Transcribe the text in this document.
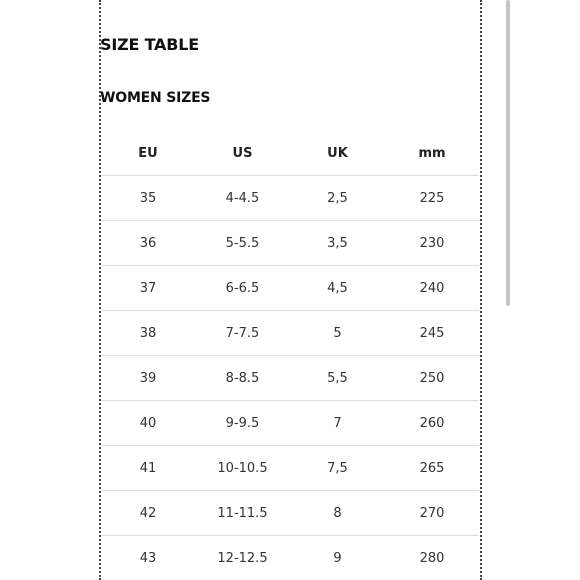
SIZE TABLE
WOMEN SIZES
EU	US	UK	mm
35	4-4.5	2,5	225
36	5-5.5	3,5	230
37	6-6.5	4,5	240
38	7-7.5	5	245
39	8-8.5	5,5	250
40	9-9.5	7	260
41	10-10.5	7,5	265
42	11-11.5	8	270
43	12-12.5	9	280
